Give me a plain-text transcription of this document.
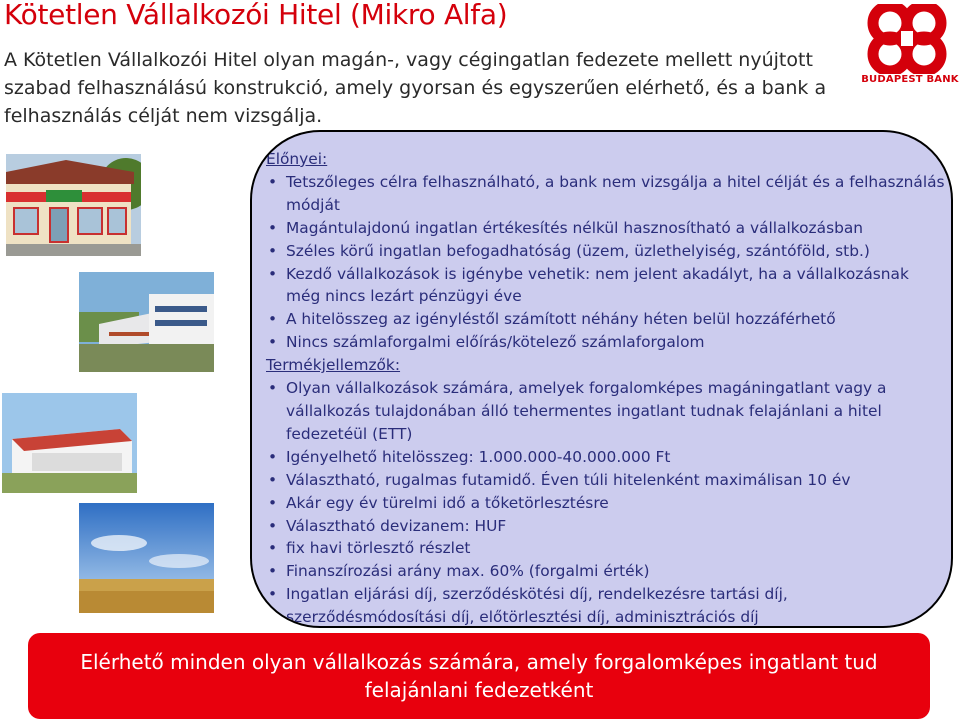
Kötetlen Vállalkozói Hitel (Mikro Alfa)
A Kötetlen Vállalkozói Hitel olyan magán-, vagy cégingatlan fedezete mellett nyújtott szabad felhasználású konstrukció, amely gyorsan és egyszerűen elérhető, és a bank a felhasználás célját nem vizsgálja.
BUDAPEST BANK
Előnyei:
• Tetszőleges célra felhasználható, a bank nem vizsgálja a hitel célját és a felhasználás módját
• Magántulajdonú ingatlan értékesítés nélkül hasznosítható a vállalkozásban
• Széles körű ingatlan befogadhatóság (üzem, üzlethelyiség, szántóföld, stb.)
• Kezdő vállalkozások is igénybe vehetik: nem jelent akadályt, ha a vállalkozásnak még nincs lezárt pénzügyi éve
• A hitelösszeg az igényléstől számított néhány héten belül hozzáférhető
• Nincs számlaforgalmi előírás/kötelező számlaforgalom
Termékjellemzők:
• Olyan vállalkozások számára, amelyek forgalomképes magáningatlant vagy a vállalkozás tulajdonában álló tehermentes ingatlant tudnak felajánlani a hitel fedezetéül (ETT)
• Igényelhető hitelösszeg: 1.000.000-40.000.000 Ft
• Választható, rugalmas futamidő. Éven túli hitelenként maximálisan 10 év
• Akár egy év türelmi idő a tőketörlesztésre
• Választható devizanem: HUF
• fix havi törlesztő részlet
• Finanszírozási arány max. 60% (forgalmi érték)
• Ingatlan eljárási díj, szerződéskötési díj, rendelkezésre tartási díj, szerződésmódosítási díj, előtörlesztési díj, adminisztrációs díj
Elérhető minden olyan vállalkozás számára, amely forgalomképes ingatlant tud felajánlani fedezetként
